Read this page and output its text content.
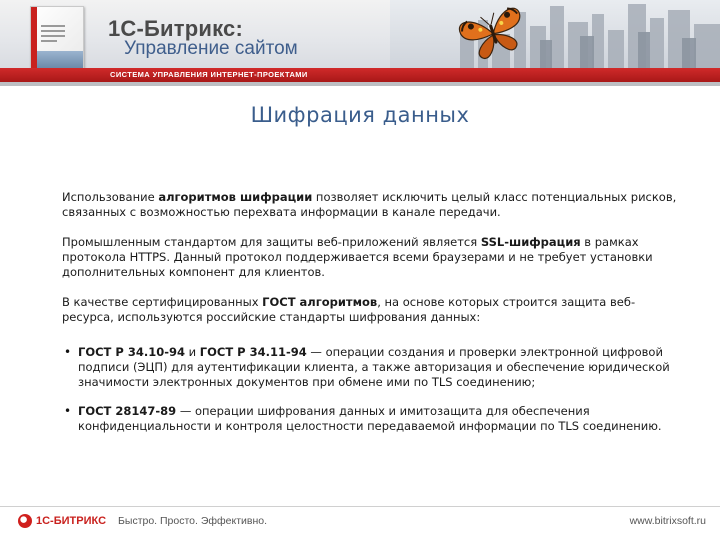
1С-Битрикс:
Управление сайтом
СИСТЕМА УПРАВЛЕНИЯ ИНТЕРНЕТ-ПРОЕКТАМИ
Шифрация данных

Использование алгоритмов шифрации позволяет исключить целый класс потенциальных рисков, связанных с возможностью перехвата информации в канале передачи.

Промышленным стандартом для защиты веб-приложений является SSL-шифрация в рамках протокола HTTPS. Данный протокол поддерживается всеми браузерами и не требует установки дополнительных компонент для клиентов.

В качестве сертифицированных ГОСТ алгоритмов, на основе которых строится защита веб-ресурса, используются российские стандарты шифрования данных:

• ГОСТ Р 34.10-94 и ГОСТ Р 34.11-94 — операции создания и проверки электронной цифровой подписи (ЭЦП) для аутентификации клиента, а также авторизация и обеспечение юридической значимости электронных документов при обмене ими по TLS соединению;
• ГОСТ 28147-89 — операции шифрования данных и имитозащита для обеспечения конфиденциальности и контроля целостности передаваемой информации по TLS соединению.
1С-БИТРИКС Быстро. Просто. Эффективно.	www.bitrixsoft.ru
